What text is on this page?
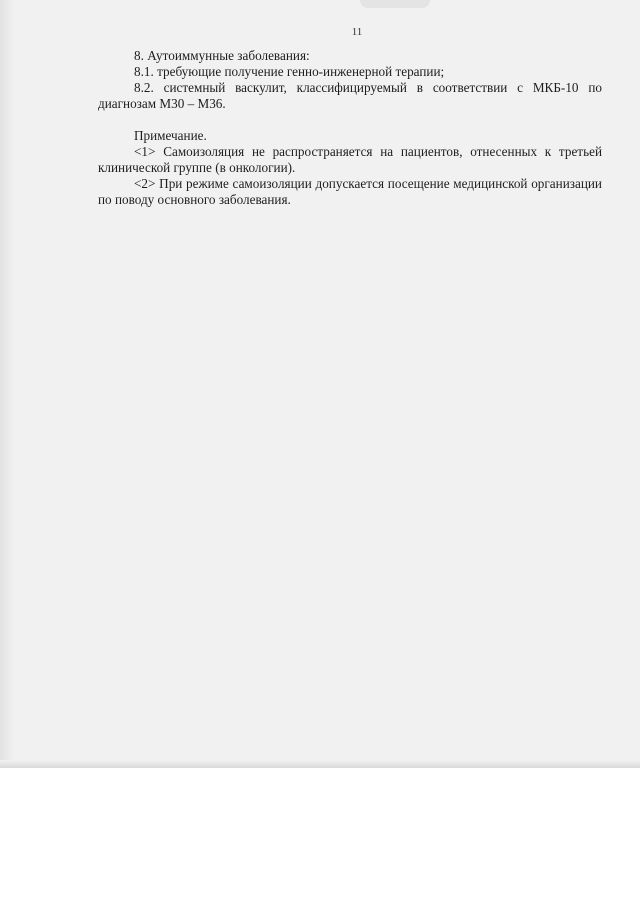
11

8. Аутоиммунные заболевания:

8.1. требующие получение генно-инженерной терапии;

8.2. системный васкулит, классифицируемый в соответствии с МКБ-10 по диагнозам М30 – М36.

Примечание.

<1> Самоизоляция не распространяется на пациентов, отнесенных к третьей клинической группе (в онкологии).

<2> При режиме самоизоляции допускается посещение медицинской организации по поводу основного заболевания.
